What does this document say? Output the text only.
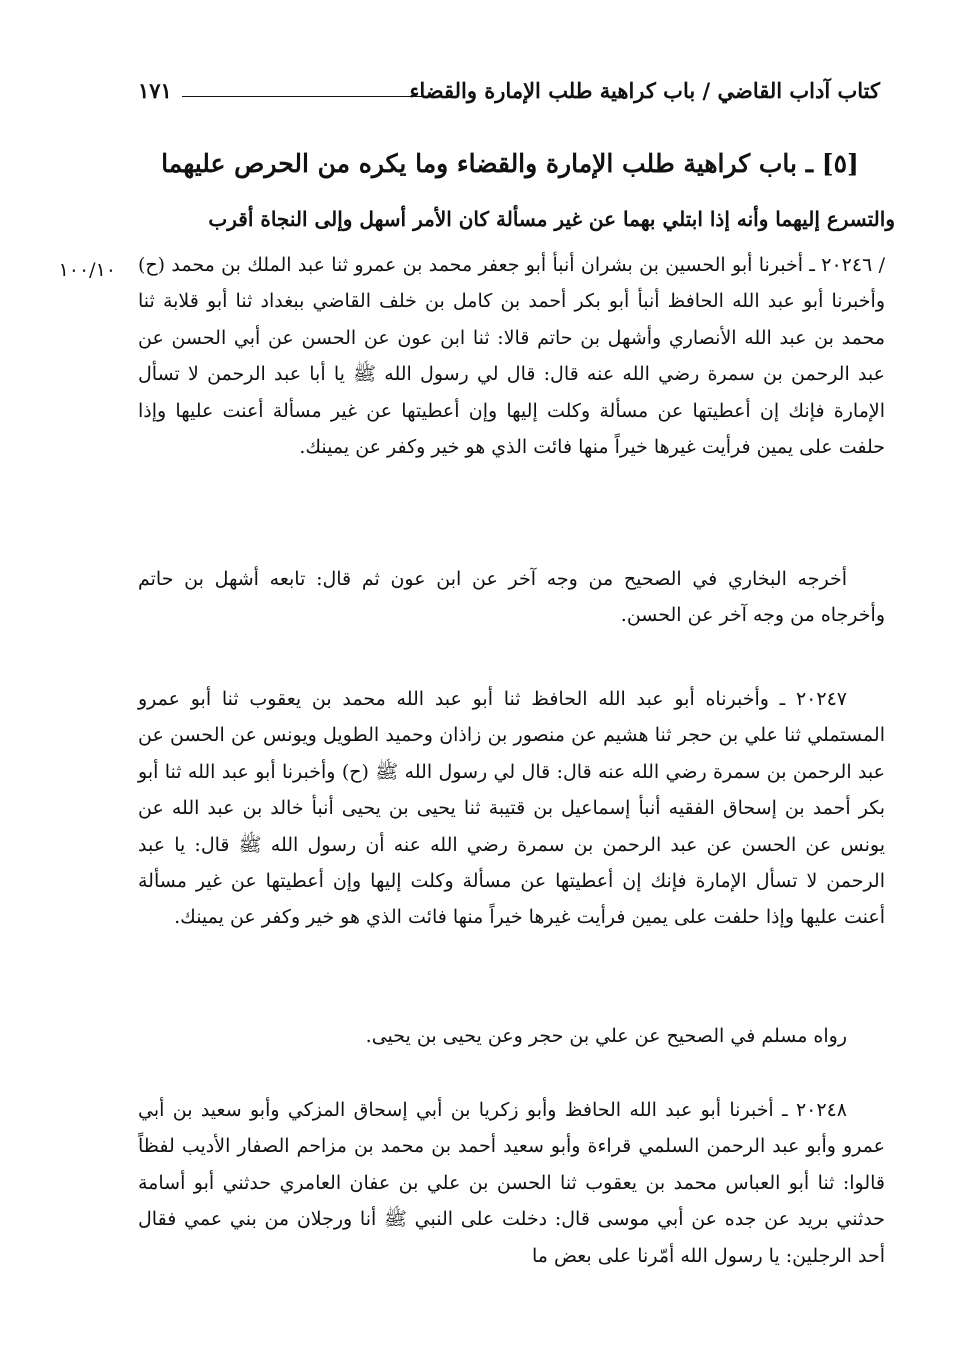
كتاب آداب القاضي / باب كراهية طلب الإمارة والقضاء
١٧١
[٥] ـ باب كراهية طلب الإمارة والقضاء وما يكره من الحرص عليهما
والتسرع إليهما وأنه إذا ابتلي بهما عن غير مسألة كان الأمر أسهل وإلى النجاة أقرب
١٠٠/١٠ / ٢٠٢٤٦ ـ أخبرنا أبو الحسين بن بشران أنبأ أبو جعفر محمد بن عمرو ثنا عبد الملك بن محمد (ح) وأخبرنا أبو عبد الله الحافظ أنبأ أبو بكر أحمد بن كامل بن خلف القاضي ببغداد ثنا أبو قلابة ثنا محمد بن عبد الله الأنصاري وأشهل بن حاتم قالا: ثنا ابن عون عن الحسن عن أبي الحسن عن عبد الرحمن بن سمرة رضي الله عنه قال: قال لي رسول الله ﷺ يا أبا عبد الرحمن لا تسأل الإمارة فإنك إن أعطيتها عن مسألة وكلت إليها وإن أعطيتها عن غير مسألة أعنت عليها وإذا حلفت على يمين فرأيت غيرها خيراً منها فائت الذي هو خير وكفر عن يمينك.

أخرجه البخاري في الصحيح من وجه آخر عن ابن عون ثم قال: تابعه أشهل بن حاتم وأخرجاه من وجه آخر عن الحسن.

٢٠٢٤٧ ـ وأخبرناه أبو عبد الله الحافظ ثنا أبو عبد الله محمد بن يعقوب ثنا أبو عمرو المستملي ثنا علي بن حجر ثنا هشيم عن منصور بن زاذان وحميد الطويل ويونس عن الحسن عن عبد الرحمن بن سمرة رضي الله عنه قال: قال لي رسول الله ﷺ (ح) وأخبرنا أبو عبد الله ثنا أبو بكر أحمد بن إسحاق الفقيه أنبأ إسماعيل بن قتيبة ثنا يحيى بن يحيى أنبأ خالد بن عبد الله عن يونس عن الحسن عن عبد الرحمن بن سمرة رضي الله عنه أن رسول الله ﷺ قال: يا عبد الرحمن لا تسأل الإمارة فإنك إن أعطيتها عن مسألة وكلت إليها وإن أعطيتها عن غير مسألة أعنت عليها وإذا حلفت على يمين فرأيت غيرها خيراً منها فائت الذي هو خير وكفر عن يمينك.

رواه مسلم في الصحيح عن علي بن حجر وعن يحيى بن يحيى.

٢٠٢٤٨ ـ أخبرنا أبو عبد الله الحافظ وأبو زكريا بن أبي إسحاق المزكي وأبو سعيد بن أبي عمرو وأبو عبد الرحمن السلمي قراءة وأبو سعيد أحمد بن محمد بن مزاحم الصفار الأديب لفظاً قالوا: ثنا أبو العباس محمد بن يعقوب ثنا الحسن بن علي بن عفان العامري حدثني أبو أسامة حدثني بريد عن جده عن أبي موسى قال: دخلت على النبي ﷺ أنا ورجلان من بني عمي فقال أحد الرجلين: يا رسول الله أمّرنا على بعض ما
